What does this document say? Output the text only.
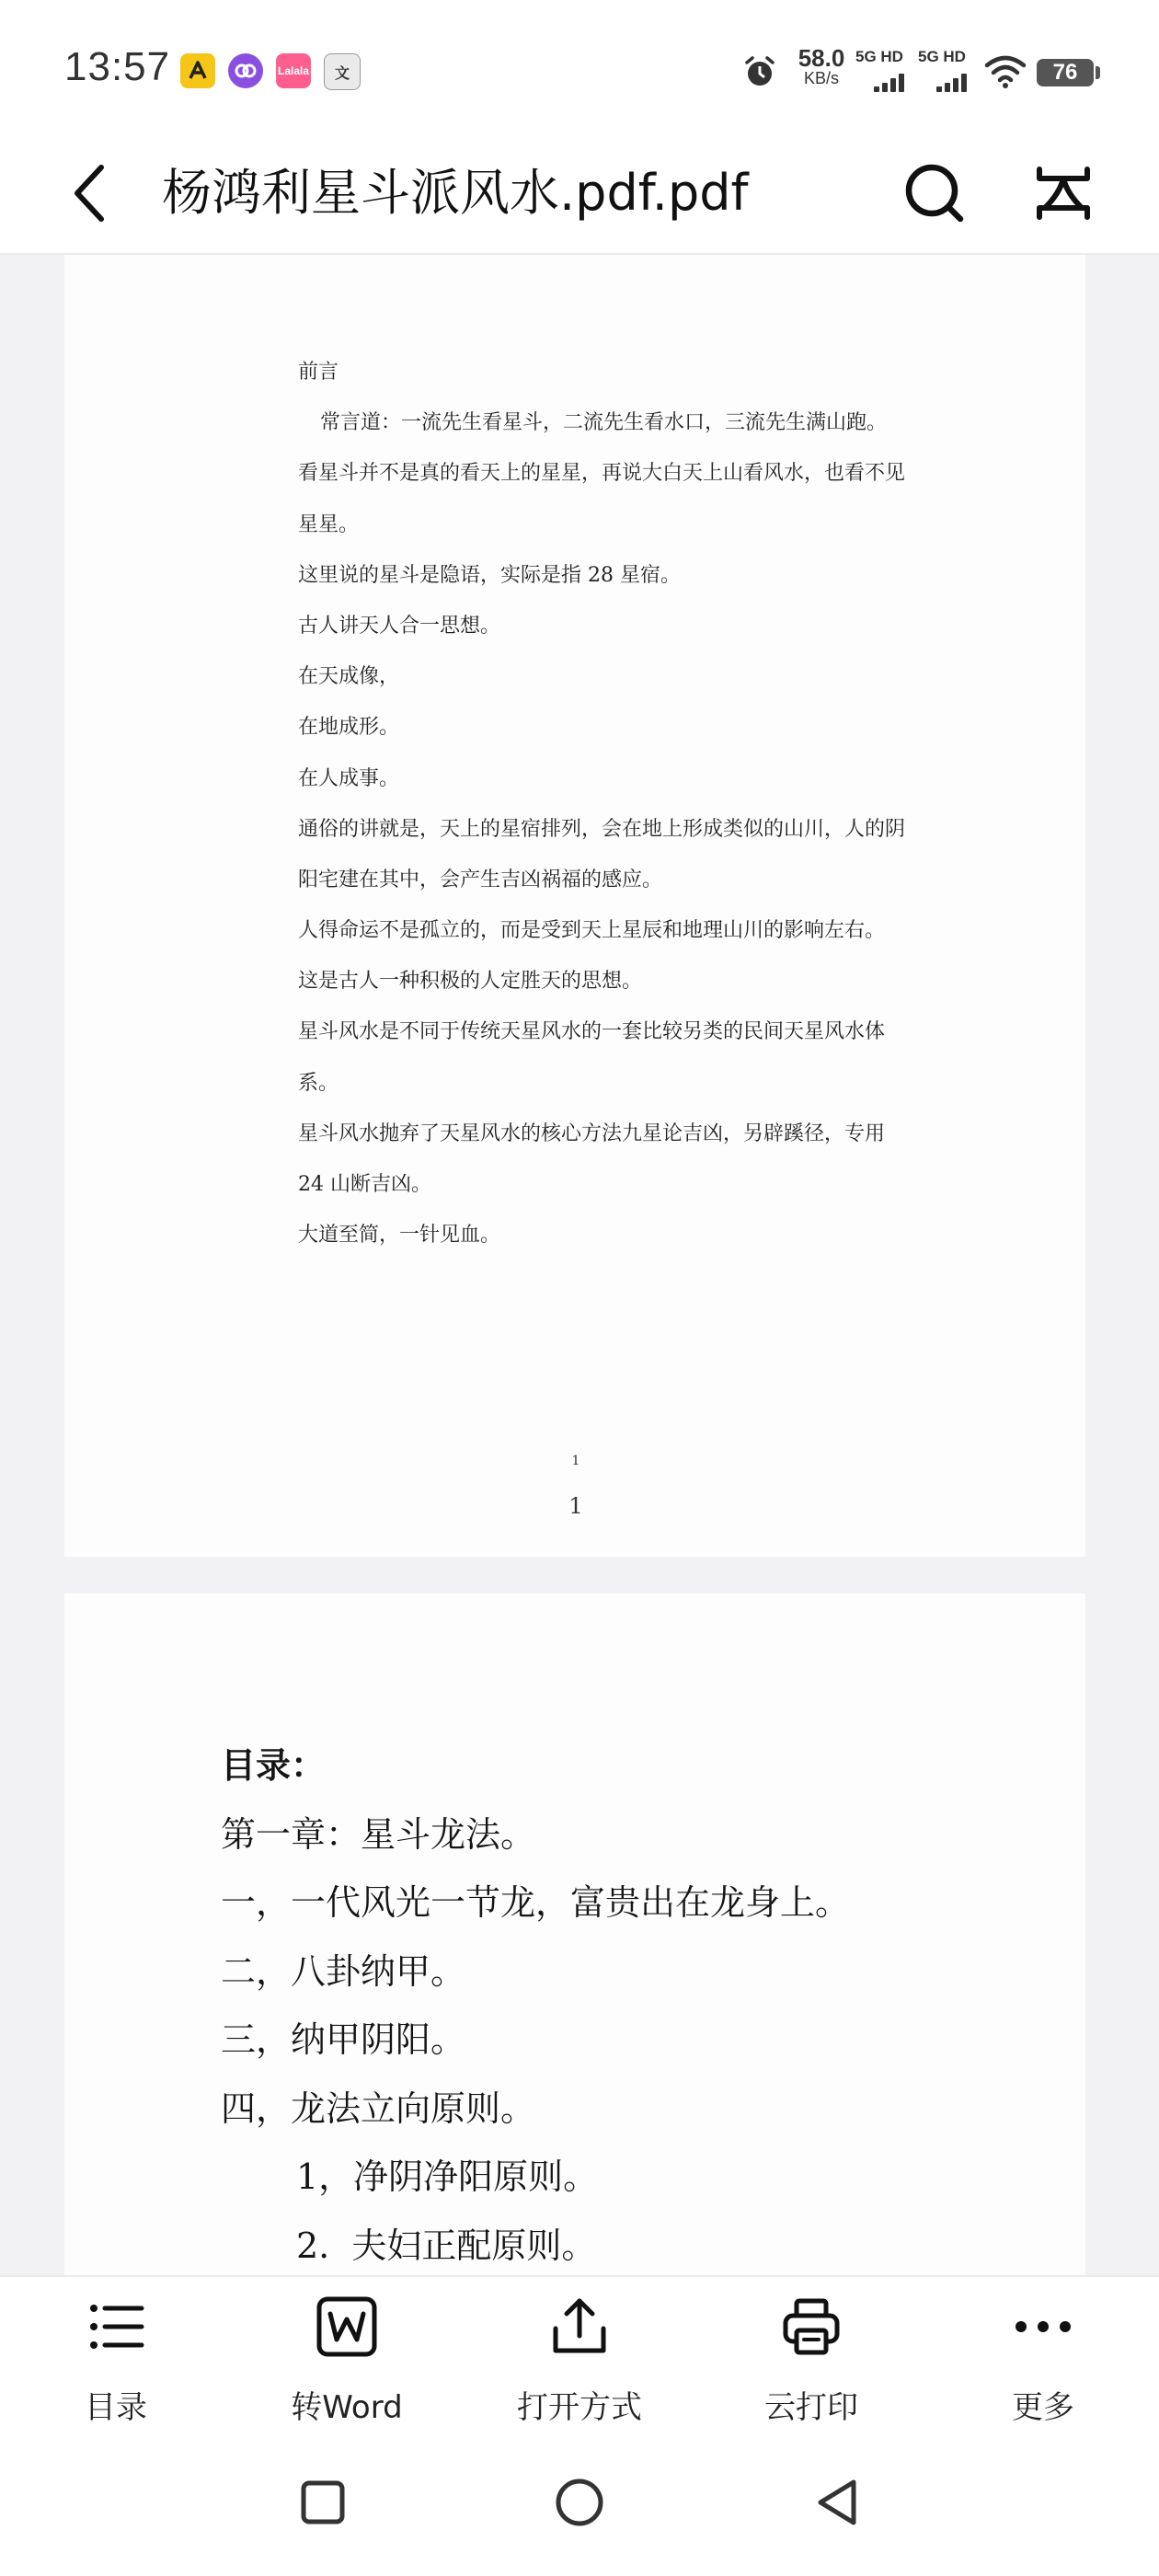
13:57	Lalala 文
58.0
KB/s
5G HD 5G HD
76
杨鸿利星斗派风水.pdf.pdf
前言
常言道：一流先生看星斗，二流先生看水口，三流先生满山跑。
看星斗并不是真的看天上的星星，再说大白天上山看风水，也看不见
星星。
这里说的星斗是隐语，实际是指 28 星宿。
古人讲天人合一思想。
在天成像，
在地成形。
在人成事。
通俗的讲就是，天上的星宿排列，会在地上形成类似的山川，人的阴
阳宅建在其中，会产生吉凶祸福的感应。
人得命运不是孤立的，而是受到天上星辰和地理山川的影响左右。
这是古人一种积极的人定胜天的思想。
星斗风水是不同于传统天星风水的一套比较另类的民间天星风水体
系。
星斗风水抛弃了天星风水的核心方法九星论吉凶，另辟蹊径，专用
24 山断吉凶。
大道至简，一针见血。
1
1
目录：
第一章：星斗龙法。
一，一代风光一节龙，富贵出在龙身上。
二，八卦纳甲。
三，纳甲阴阳。
四，龙法立向原则。
1，净阴净阳原则。
2.  夫妇正配原则。
目录	转Word	打开方式	云打印	更多
